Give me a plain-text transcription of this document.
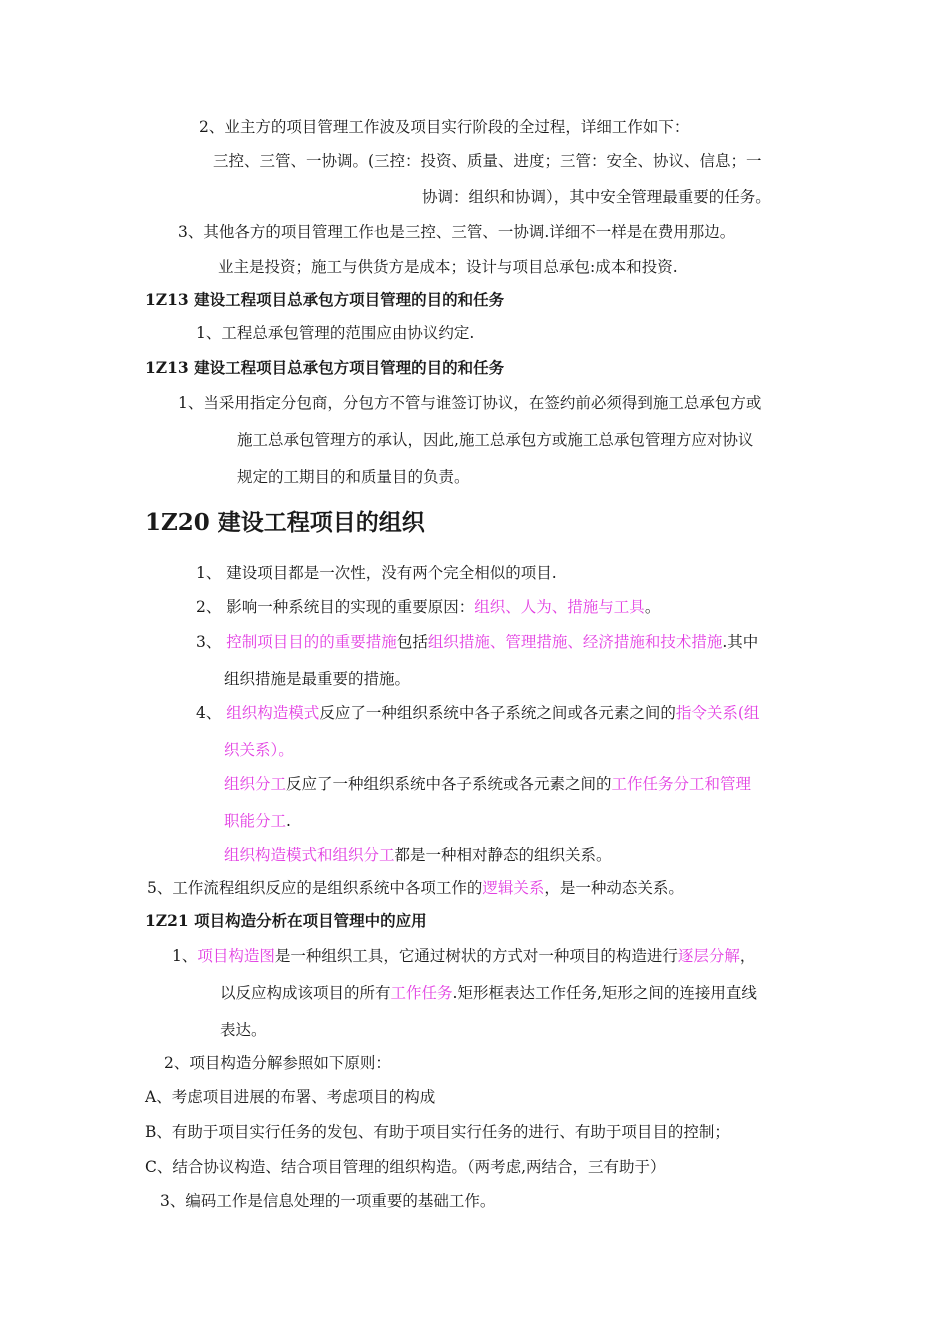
2、业主方的项目管理工作波及项目实行阶段的全过程，详细工作如下：
三控、三管、一协调。(三控：投资、质量、进度；三管：安全、协议、信息；一
协调：组织和协调），其中安全管理最重要的任务。
3、其他各方的项目管理工作也是三控、三管、一协调.详细不一样是在费用那边。
业主是投资；施工与供货方是成本；设计与项目总承包:成本和投资.
1Z13 建设工程项目总承包方项目管理的目的和任务
1、工程总承包管理的范围应由协议约定.
1Z13 建设工程项目总承包方项目管理的目的和任务
1、当采用指定分包商，分包方不管与谁签订协议，在签约前必须得到施工总承包方或
施工总承包管理方的承认，因此,施工总承包方或施工总承包管理方应对协议
规定的工期目的和质量目的负责。
1Z20 建设工程项目的组织
1、 建设项目都是一次性，没有两个完全相似的项目.
2、 影响一种系统目的实现的重要原因：组织、人为、措施与工具。
3、 控制项目目的的重要措施包括组织措施、管理措施、经济措施和技术措施.其中
组织措施是最重要的措施。
4、 组织构造模式反应了一种组织系统中各子系统之间或各元素之间的指令关系(组
织关系）。
组织分工反应了一种组织系统中各子系统或各元素之间的工作任务分工和管理
职能分工.
组织构造模式和组织分工都是一种相对静态的组织关系。
5、工作流程组织反应的是组织系统中各项工作的逻辑关系，是一种动态关系。
1Z21 项目构造分析在项目管理中的应用
1、项目构造图是一种组织工具，它通过树状的方式对一种项目的构造进行逐层分解，
以反应构成该项目的所有工作任务.矩形框表达工作任务,矩形之间的连接用直线
表达。
2、项目构造分解参照如下原则：
A、考虑项目进展的布署、考虑项目的构成
B、有助于项目实行任务的发包、有助于项目实行任务的进行、有助于项目目的控制；
C、结合协议构造、结合项目管理的组织构造。（两考虑,两结合，三有助于）
3、编码工作是信息处理的一项重要的基础工作。
